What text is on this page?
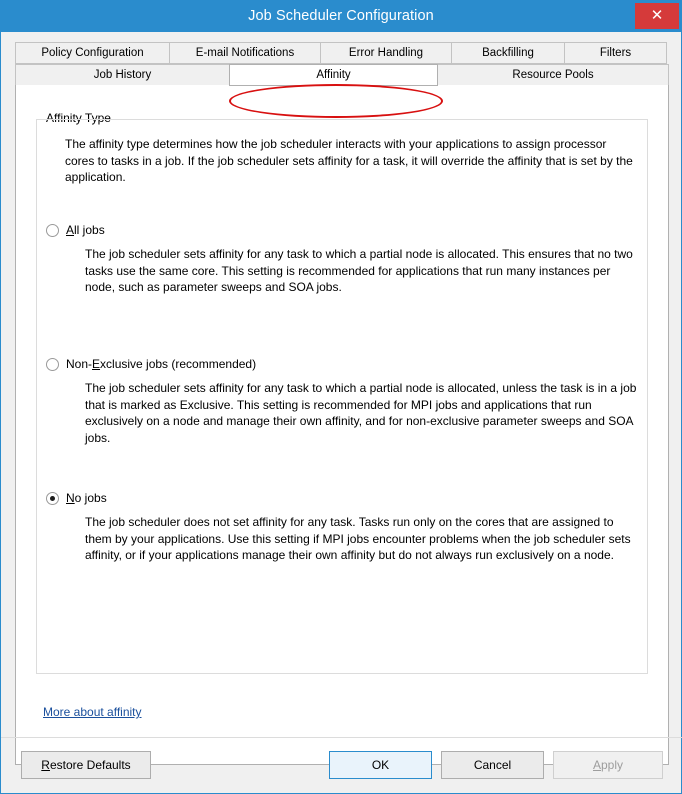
Job Scheduler Configuration	✕
Policy Configuration	E-mail Notifications	Error Handling	Backfilling	Filters
Job History	Affinity	Resource Pools
Affinity Type
The affinity type determines how the job scheduler interacts with your applications to assign processor cores to tasks in a job. If the job scheduler sets affinity for a task, it will override the affinity that is set by the application.
All jobs
The job scheduler sets affinity for any task to which a partial node is allocated. This ensures that no two tasks use the same core. This setting is recommended for applications that run many instances per node, such as parameter sweeps and SOA jobs.
Non-Exclusive jobs (recommended)
The job scheduler sets affinity for any task to which a partial node is allocated, unless the task is in a job that is marked as Exclusive. This setting is recommended for MPI jobs and applications that run exclusively on a node and manage their own affinity, and for non-exclusive parameter sweeps and SOA jobs.
No jobs
The job scheduler does not set affinity for any task. Tasks run only on the cores that are assigned to them by your applications. Use this setting if MPI jobs encounter problems when the job scheduler sets affinity, or if your applications manage their own affinity but do not always run exclusively on a node.
More about affinity
Restore Defaults	OK	Cancel	Apply
